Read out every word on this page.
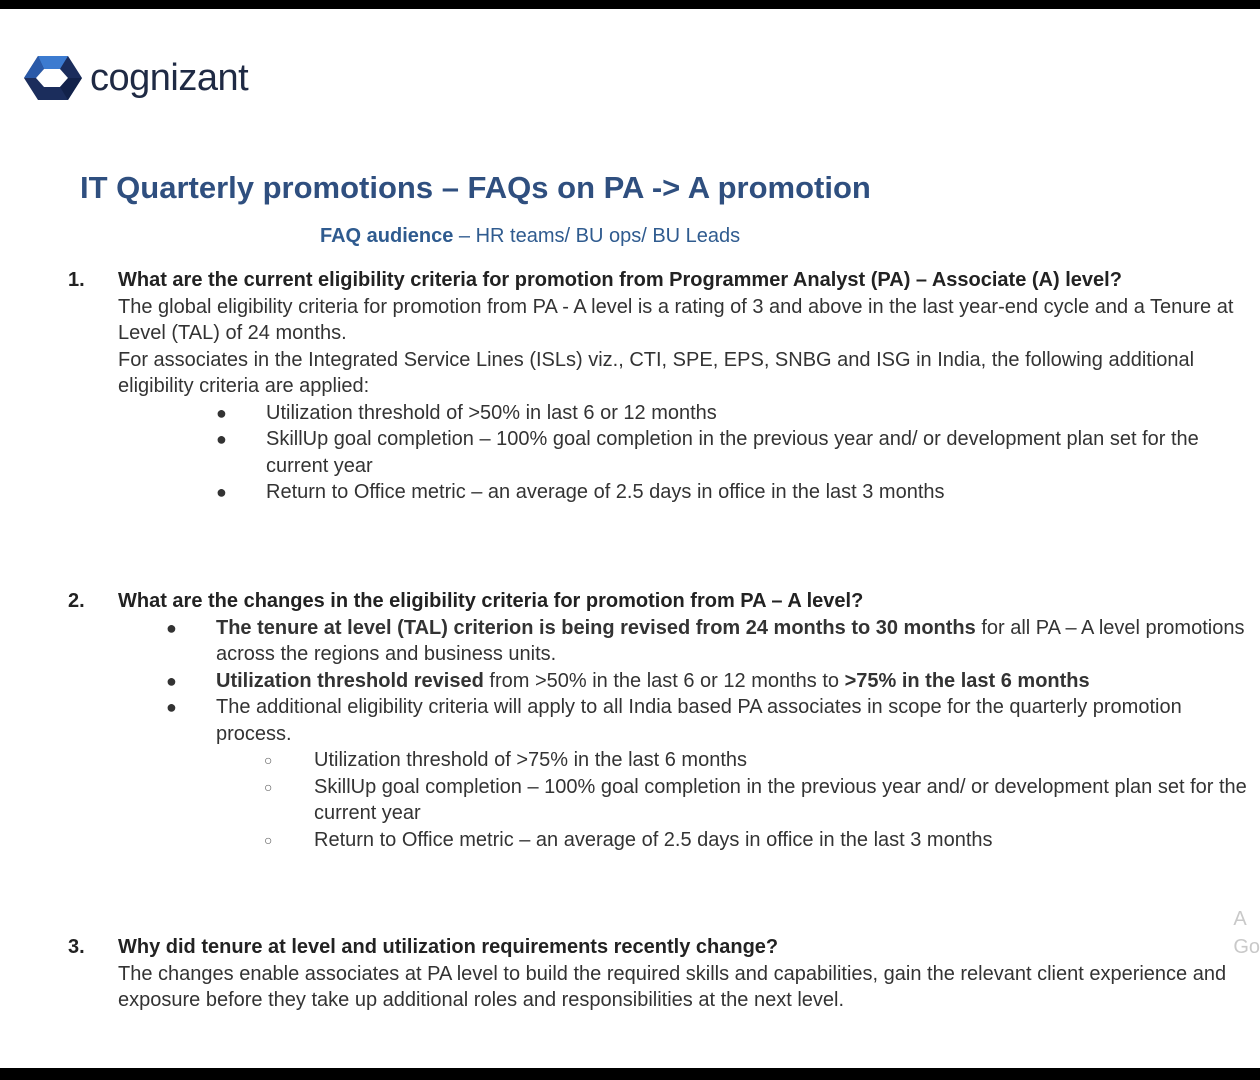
cognizant
IT Quarterly promotions – FAQs on PA -> A promotion
FAQ audience – HR teams/ BU ops/ BU Leads
1.	What are the current eligibility criteria for promotion from Programmer Analyst (PA) – Associate (A) level?
The global eligibility criteria for promotion from PA - A level is a rating of 3 and above in the last year-end cycle and a Tenure at Level (TAL) of 24 months.
For associates in the Integrated Service Lines (ISLs) viz., CTI, SPE, EPS, SNBG and ISG in India, the following additional eligibility criteria are applied:
●	Utilization threshold of >50% in last 6 or 12 months
●	SkillUp goal completion – 100% goal completion in the previous year and/ or development plan set for the current year
●	Return to Office metric – an average of 2.5 days in office in the last 3 months
2.	What are the changes in the eligibility criteria for promotion from PA – A level?
●	The tenure at level (TAL) criterion is being revised from 24 months to 30 months for all PA – A level promotions across the regions and business units.
●	Utilization threshold revised from >50% in the last 6 or 12 months to >75% in the last 6 months
●	The additional eligibility criteria will apply to all India based PA associates in scope for the quarterly promotion process.
○	Utilization threshold of >75% in the last 6 months
○	SkillUp goal completion – 100% goal completion in the previous year and/ or development plan set for the current year
○	Return to Office metric – an average of 2.5 days in office in the last 3 months
3.	Why did tenure at level and utilization requirements recently change?
The changes enable associates at PA level to build the required skills and capabilities, gain the relevant client experience and exposure before they take up additional roles and responsibilities at the next level.
A
Go
